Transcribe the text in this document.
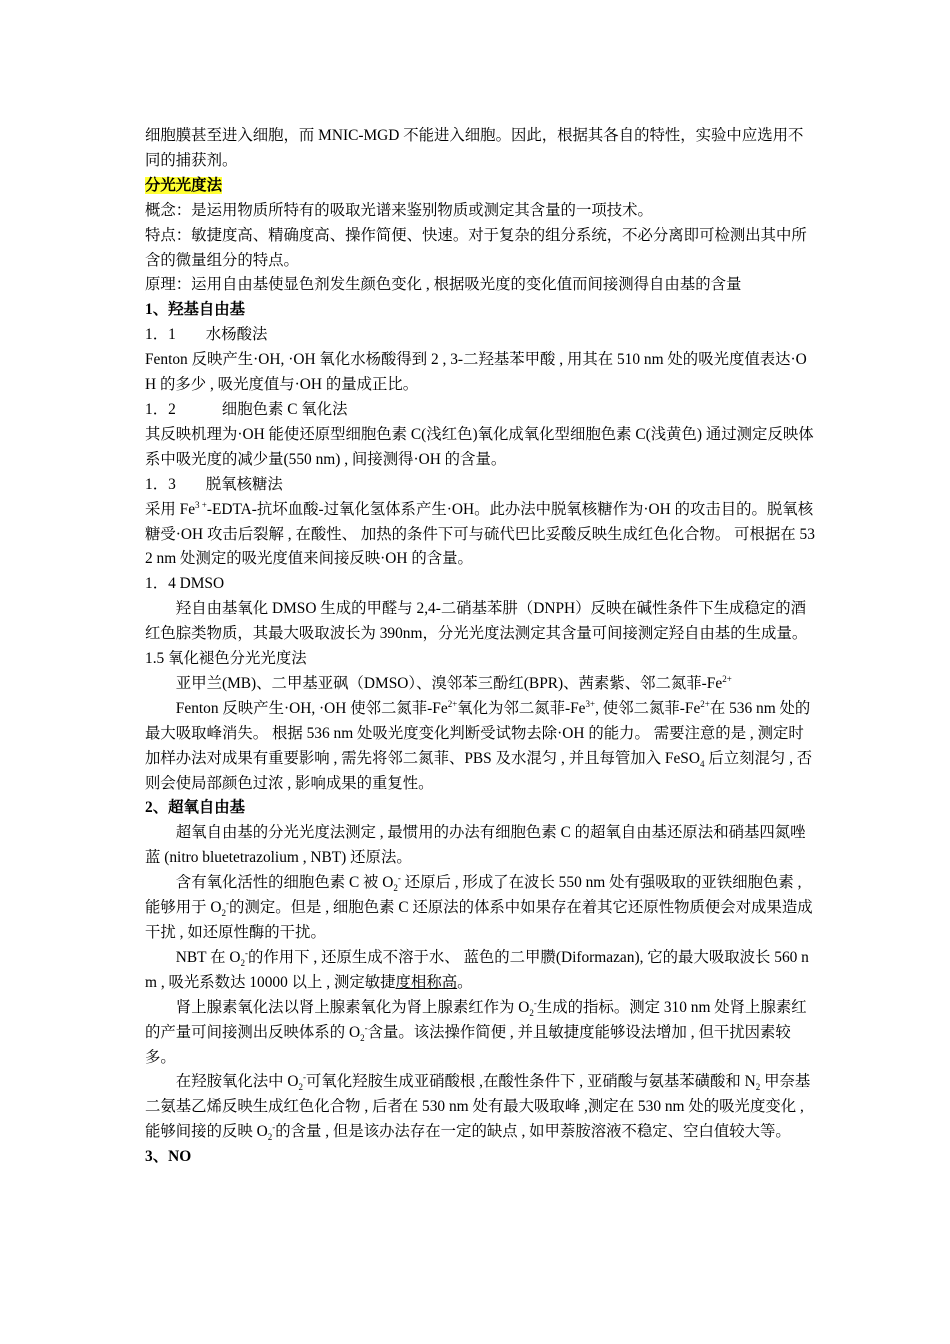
细胞膜甚至进入细胞，而 MNIC-MGD 不能进入细胞。因此，根据其各自的特性，实验中应选用不同的捕获剂。

分光光度法

概念：是运用物质所特有的吸取光谱来鉴别物质或测定其含量的一项技术。

特点：敏捷度高、精确度高、操作简便、快速。对于复杂的组分系统，不必分离即可检测出其中所含的微量组分的特点。

原理：运用自由基使显色剂发生颜色变化 , 根据吸光度的变化值而间接测得自由基的含量

1、羟基自由基

1．1 水杨酸法

Fenton 反映产生·OH, ·OH 氧化水杨酸得到 2 , 3-二羟基苯甲酸 , 用其在 510 nm 处的吸光度值表达·OH 的多少 , 吸光度值与·OH 的量成正比。

1．2	细胞色素 C 氧化法

其反映机理为·OH 能使还原型细胞色素 C(浅红色)氧化成氧化型细胞色素 C(浅黄色) 通过测定反映体系中吸光度的减少量(550 nm) , 间接测得·OH 的含量。

1．3 脱氧核糖法

采用 $Fe^{3 +}-EDTA-$抗坏血酸-过氧化氢体系产生·OH。此办法中脱氧核糖作为·OH 的攻击目的。脱氧核糖受·OH 攻击后裂解 , 在酸性、 加热的条件下可与硫代巴比妥酸反映生成红色化合物。 可根据在 532 nm 处测定的吸光度值来间接反映·OH 的含量。

1．4 DMSO

羟自由基氧化 DMSO 生成的甲醛与 2,4-二硝基苯肼（DNPH）反映在碱性条件下生成稳定的酒红色腙类物质，其最大吸取波长为 390nm，分光光度法测定其含量可间接测定羟自由基的生成量。

1.5 氧化褪色分光光度法

亚甲兰(MB)、二甲基亚砜（DMSO）、溴邻苯三酚红(BPR)、茜素紫、邻二氮菲$-Fe^{2+}$

Fenton 反映产生·OH, ·OH 使邻二氮菲$-Fe^{2+}$氧化为邻二氮菲$-Fe^{3+}$, 使邻二氮菲$-Fe^{2+}$在 536 nm 处的最大吸取峰消失。 根据 536 nm 处吸光度变化判断受试物去除·OH 的能力。 需要注意的是 , 测定时加样办法对成果有重要影响 , 需先将邻二氮菲、PBS 及水混匀 , 并且每管加入 FeSO$_4$ 后立刻混匀 , 否则会使局部颜色过浓 , 影响成果的重复性。

2、超氧自由基

超氧自由基的分光光度法测定 , 最惯用的办法有细胞色素 C 的超氧自由基还原法和硝基四氮唑蓝 (nitro bluetetrazolium , NBT) 还原法。

含有氧化活性的细胞色素 C 被 $O_2^-$ 还原后 , 形成了在波长 550 nm 处有强吸取的亚铁细胞色素 , 能够用于 $O_2^-$的测定。但是 , 细胞色素 C 还原法的体系中如果存在着其它还原性物质便会对成果造成干扰 , 如还原性酶的干扰。

NBT 在 $O_2^-$的作用下 , 还原生成不溶于水、 蓝色的二甲臜(Diformazan), 它的最大吸取波长 560 nm , 吸光系数达 10000 以上 , 测定敏捷度相称高。

肾上腺素氧化法以肾上腺素氧化为肾上腺素红作为 $O_2^-$生成的指标。测定 310 nm 处肾上腺素红的产量可间接测出反映体系的 $O_2^-$含量。该法操作简便 , 并且敏捷度能够设法增加 , 但干扰因素较多。

在羟胺氧化法中 $O_2^-$可氧化羟胺生成亚硝酸根 ,在酸性条件下 , 亚硝酸与氨基苯磺酸和 $N_2$ 甲奈基二氨基乙烯反映生成红色化合物 , 后者在 530 nm 处有最大吸取峰 ,测定在 530 nm 处的吸光度变化 , 能够间接的反映 $O_2^-$的含量 , 但是该办法存在一定的缺点 , 如甲萘胺溶液不稳定、空白值较大等。

3、NO
